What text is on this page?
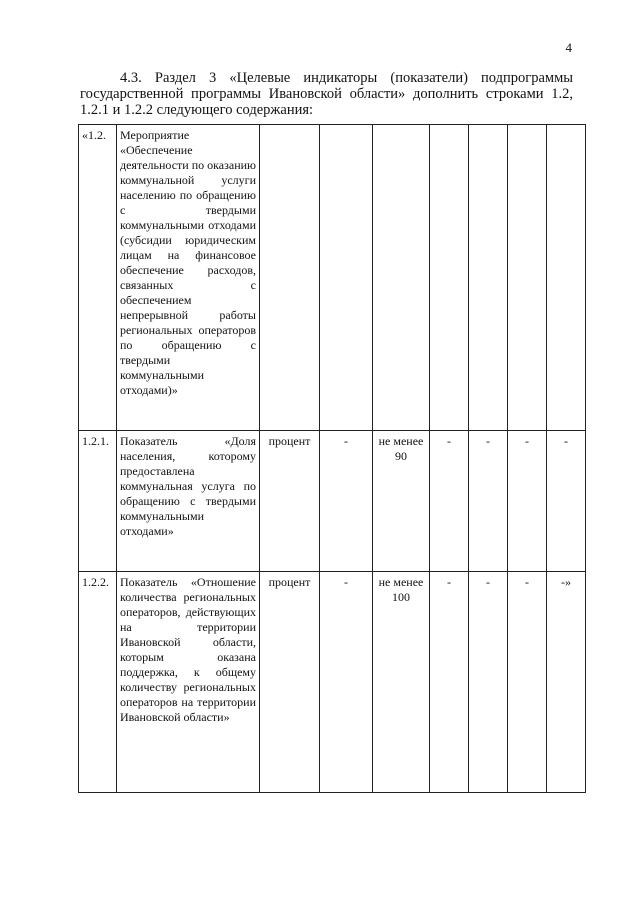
4
4.3. Раздел 3 «Целевые индикаторы (показатели) подпрограммы государственной программы Ивановской области» дополнить строками 1.2, 1.2.1 и 1.2.2 следующего содержания:
«1.2.	Мероприятие «Обеспечение деятельности по оказанию коммунальной услуги населению по обращению с твердыми коммунальными отходами (субсидии юридическим лицам на финансовое обеспечение расходов, связанных с обеспечением непрерывной работы региональных операторов по обращению с твердыми коммунальными отходами)»							
1.2.1.	Показатель «Доля населения, которому предоставлена коммунальная услуга по обращению с твердыми коммунальными отходами»	процент	-	не менее 90	-	-	-	-
1.2.2.	Показатель «Отношение количества региональных операторов, действующих на территории Ивановской области, которым оказана поддержка, к общему количеству региональных операторов на территории Ивановской области»	процент	-	не менее 100	-	-	-	-»
